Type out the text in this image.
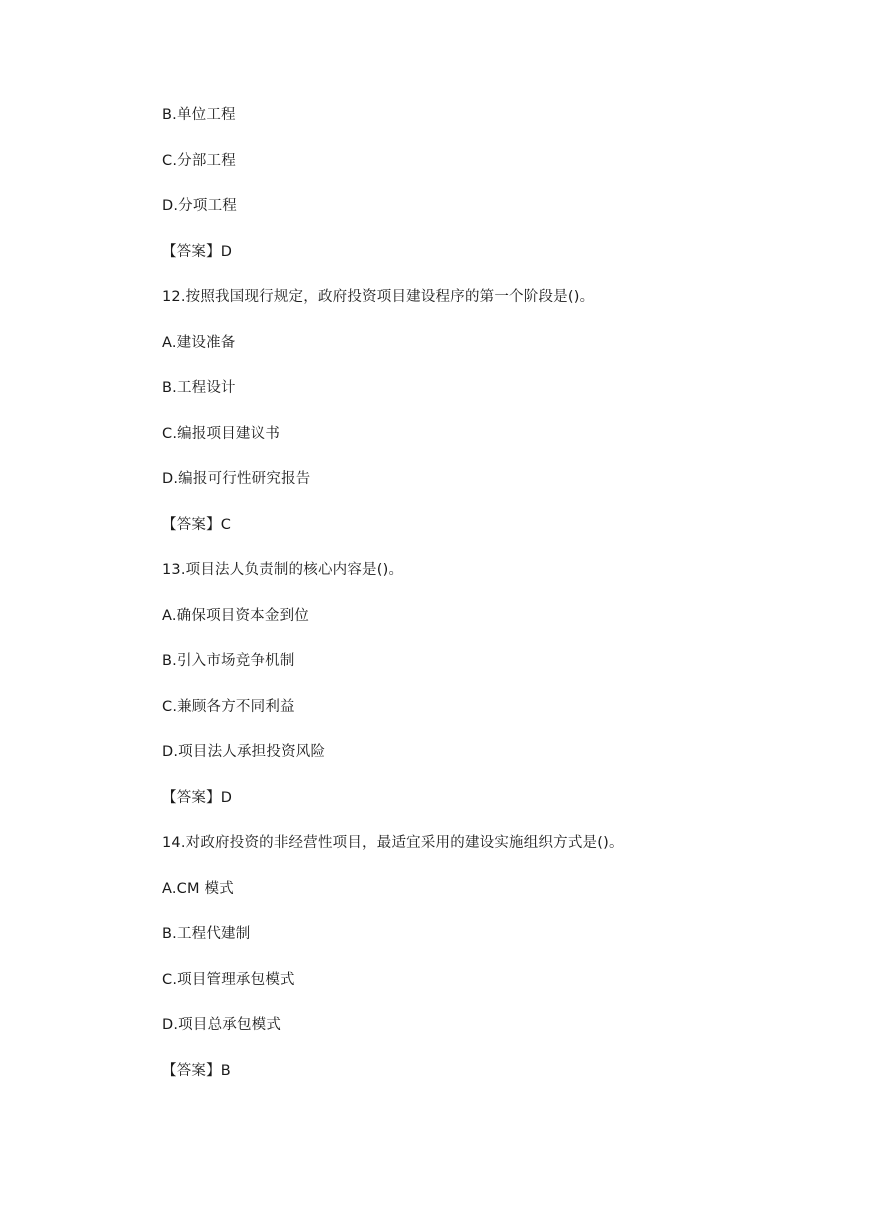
B.单位工程
C.分部工程
D.分项工程
【答案】D
12.按照我国现行规定，政府投资项目建设程序的第一个阶段是()。
A.建设准备
B.工程设计
C.编报项目建议书
D.编报可行性研究报告
【答案】C
13.项目法人负责制的核心内容是()。
A.确保项目资本金到位
B.引入市场竞争机制
C.兼顾各方不同利益
D.项目法人承担投资风险
【答案】D
14.对政府投资的非经营性项目，最适宜采用的建设实施组织方式是()。
A.CM 模式
B.工程代建制
C.项目管理承包模式
D.项目总承包模式
【答案】B
